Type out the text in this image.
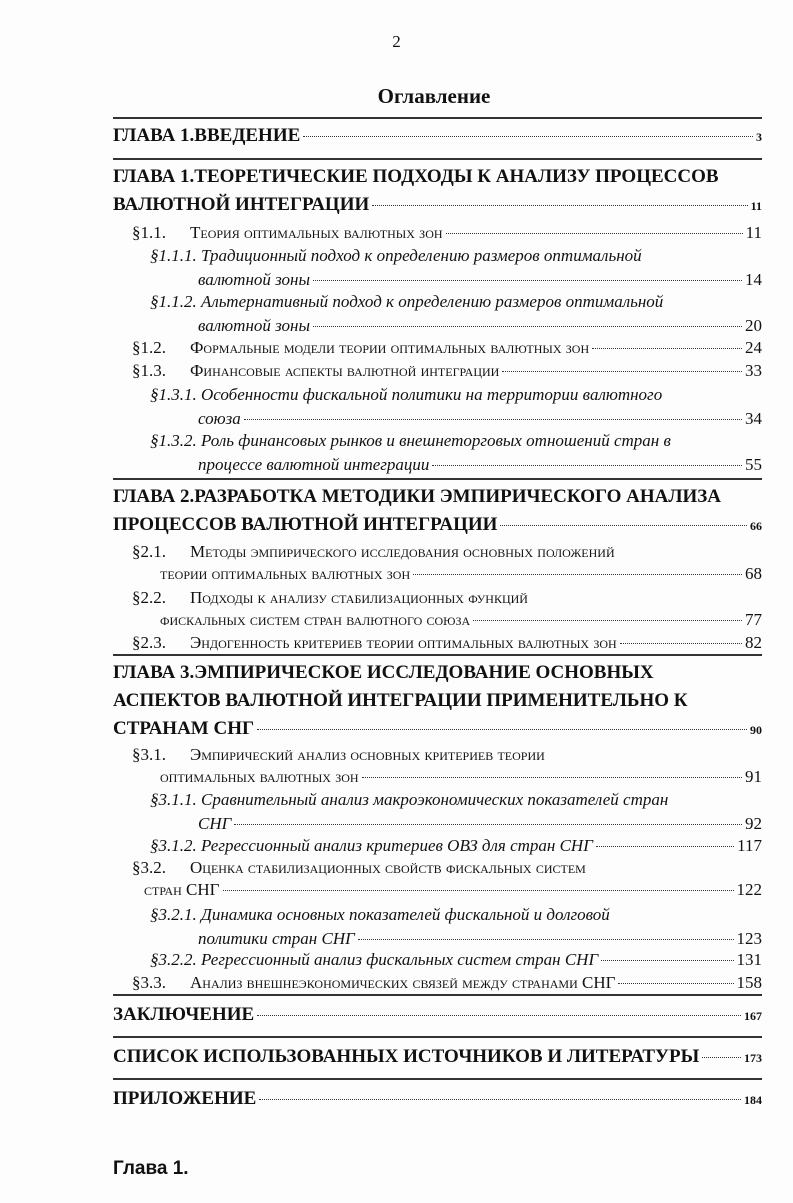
2
Оглавление
ГЛАВА 1.ВВЕДЕНИЕ	3
ГЛАВА 1.ТЕОРЕТИЧЕСКИЕ ПОДХОДЫ К АНАЛИЗУ ПРОЦЕССОВ
ВАЛЮТНОЙ ИНТЕГРАЦИИ	11
§1.1.	Теория оптимальных валютных зон	11
§1.1.1. Традиционный подход к определению размеров оптимальной
валютной зоны	14
§1.1.2. Альтернативный подход к определению размеров оптимальной
валютной зоны	20
§1.2.	Формальные модели теории оптимальных валютных зон	24
§1.3.	Финансовые аспекты валютной интеграции	33
§1.3.1. Особенности фискальной политики на территории валютного
союза	34
§1.3.2. Роль финансовых рынков и внешнеторговых отношений стран в
процессе валютной интеграции	55
ГЛАВА 2.РАЗРАБОТКА МЕТОДИКИ ЭМПИРИЧЕСКОГО АНАЛИЗА
ПРОЦЕССОВ ВАЛЮТНОЙ ИНТЕГРАЦИИ	66
§2.1. Методы эмпирического исследования основных положений
теории оптимальных валютных зон	68
§2.2. Подходы к анализу стабилизационных функций
фискальных систем стран валютного союза	77
§2.3.	Эндогенность критериев теории оптимальных валютных зон	82
ГЛАВА 3.ЭМПИРИЧЕСКОЕ ИССЛЕДОВАНИЕ ОСНОВНЫХ
АСПЕКТОВ ВАЛЮТНОЙ ИНТЕГРАЦИИ ПРИМЕНИТЕЛЬНО К
СТРАНАМ СНГ	90
§3.1. Эмпирический анализ основных критериев теории
оптимальных валютных зон	91
§3.1.1. Сравнительный анализ макроэкономических показателей стран
СНГ	92
§3.1.2. Регрессионный анализ критериев ОВЗ для стран СНГ	117
§3.2. Оценка стабилизационных свойств фискальных систем
стран СНГ	122
§3.2.1. Динамика основных показателей фискальной и долговой
политики стран СНГ	123
§3.2.2. Регрессионный анализ фискальных систем стран СНГ	131
§3.3.	Анализ внешнеэкономических связей между странами СНГ	158
ЗАКЛЮЧЕНИЕ	167
СПИСОК ИСПОЛЬЗОВАННЫХ ИСТОЧНИКОВ И ЛИТЕРАТУРЫ	173
ПРИЛОЖЕНИЕ	184
Глава 1.
